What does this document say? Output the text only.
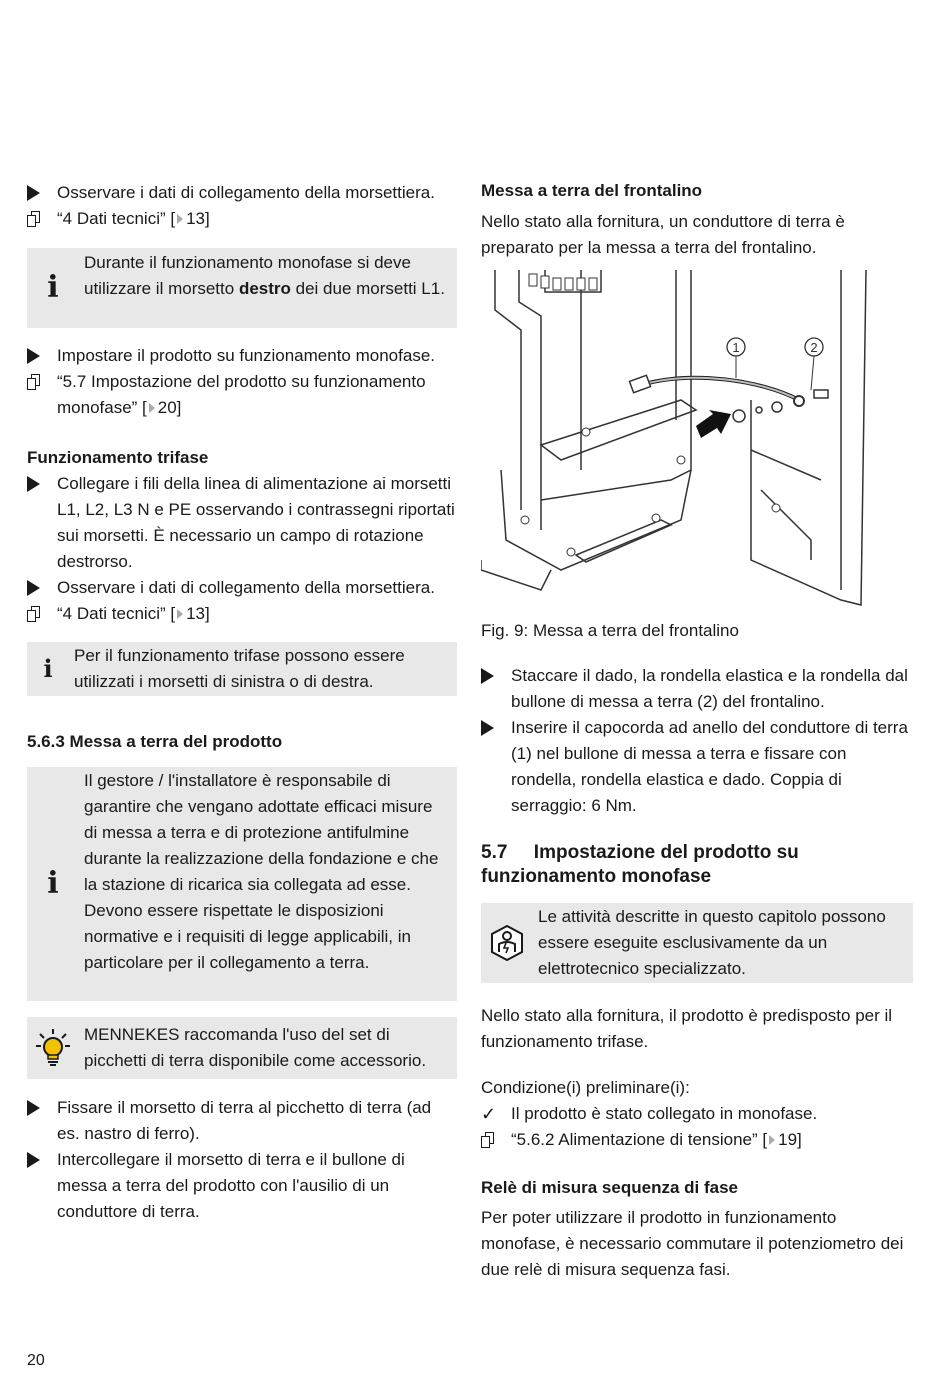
Osservare i dati di collegamento della morsettiera.

“4 Dati tecnici” [ 13]

i

Durante il funzionamento monofase si deve utilizzare il morsetto destro dei due morsetti L1.

Impostare il prodotto su funzionamento monofase.

“5.7 Impostazione del prodotto su funzionamento monofase” [ 20]

Funzionamento trifase

Collegare i fili della linea di alimentazione ai morsetti L1, L2, L3 N e PE osservando i contrassegni riportati sui morsetti. È necessario un campo di rotazione destrorso.

Osservare i dati di collegamento della morsettiera.

“4 Dati tecnici” [ 13]

i Per il funzionamento trifase possono essere utilizzati i morsetti di sinistra o di destra.

5.6.3 Messa a terra del prodotto
i

Il gestore / l'installatore è responsabile di garantire che vengano adottate efficaci misure di messa a terra e di protezione antifulmine durante la realizzazione della fondazione e che la stazione di ricarica sia collegata ad esse. Devono essere rispettate le disposizioni normative e i requisiti di legge applicabili, in particolare per il collegamento a terra.

MENNEKES raccomanda l'uso del set di picchetti di terra disponibile come accessorio.

Fissare il morsetto di terra al picchetto di terra (ad es. nastro di ferro).

Intercollegare il morsetto di terra e il bullone di messa a terra del prodotto con l'ausilio di un conduttore di terra.

Messa a terra del frontalino

Nello stato alla fornitura, un conduttore di terra è preparato per la messa a terra del frontalino.

1	2

Fig. 9: Messa a terra del frontalino

Staccare il dado, la rondella elastica e la rondella dal bullone di messa a terra (2) del frontalino.

Inserire il capocorda ad anello del conduttore di terra (1) nel bullone di messa a terra e fissare con rondella, rondella elastica e dado. Coppia di serraggio: 6 Nm.

5.7     Impostazione del prodotto su funzionamento monofase

Le attività descritte in questo capitolo possono essere eseguite esclusivamente da un elettrotecnico specializzato.

Nello stato alla fornitura, il prodotto è predisposto per il funzionamento trifase.

Condizione(i) preliminare(i):

✓ Il prodotto è stato collegato in monofase.

“5.6.2 Alimentazione di tensione” [ 19]

Relè di misura sequenza di fase

Per poter utilizzare il prodotto in funzionamento monofase, è necessario commutare il potenziometro dei due relè di misura sequenza fasi.

20
